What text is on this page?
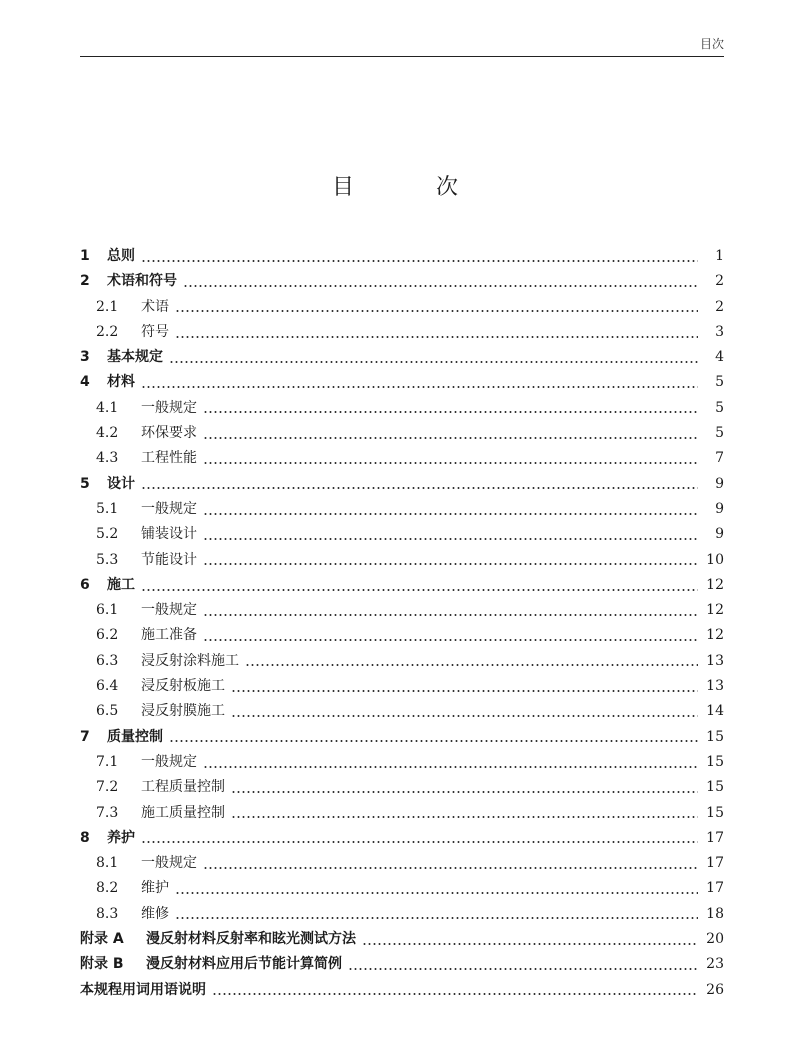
目次
目　次
1	总则	1
2	术语和符号	2
2.1	术语	2
2.2	符号	3
3	基本规定	4
4	材料	5
4.1	一般规定	5
4.2	环保要求	5
4.3	工程性能	7
5	设计	9
5.1	一般规定	9
5.2	铺装设计	9
5.3	节能设计	10
6	施工	12
6.1	一般规定	12
6.2	施工准备	12
6.3	浸反射涂料施工	13
6.4	浸反射板施工	13
6.5	浸反射膜施工	14
7	质量控制	15
7.1	一般规定	15
7.2	工程质量控制	15
7.3	施工质量控制	15
8	养护	17
8.1	一般规定	17
8.2	维护	17
8.3	维修	18
附录 A	漫反射材料反射率和眩光测试方法	20
附录 B	漫反射材料应用后节能计算简例	23
本规程用词用语说明	26
